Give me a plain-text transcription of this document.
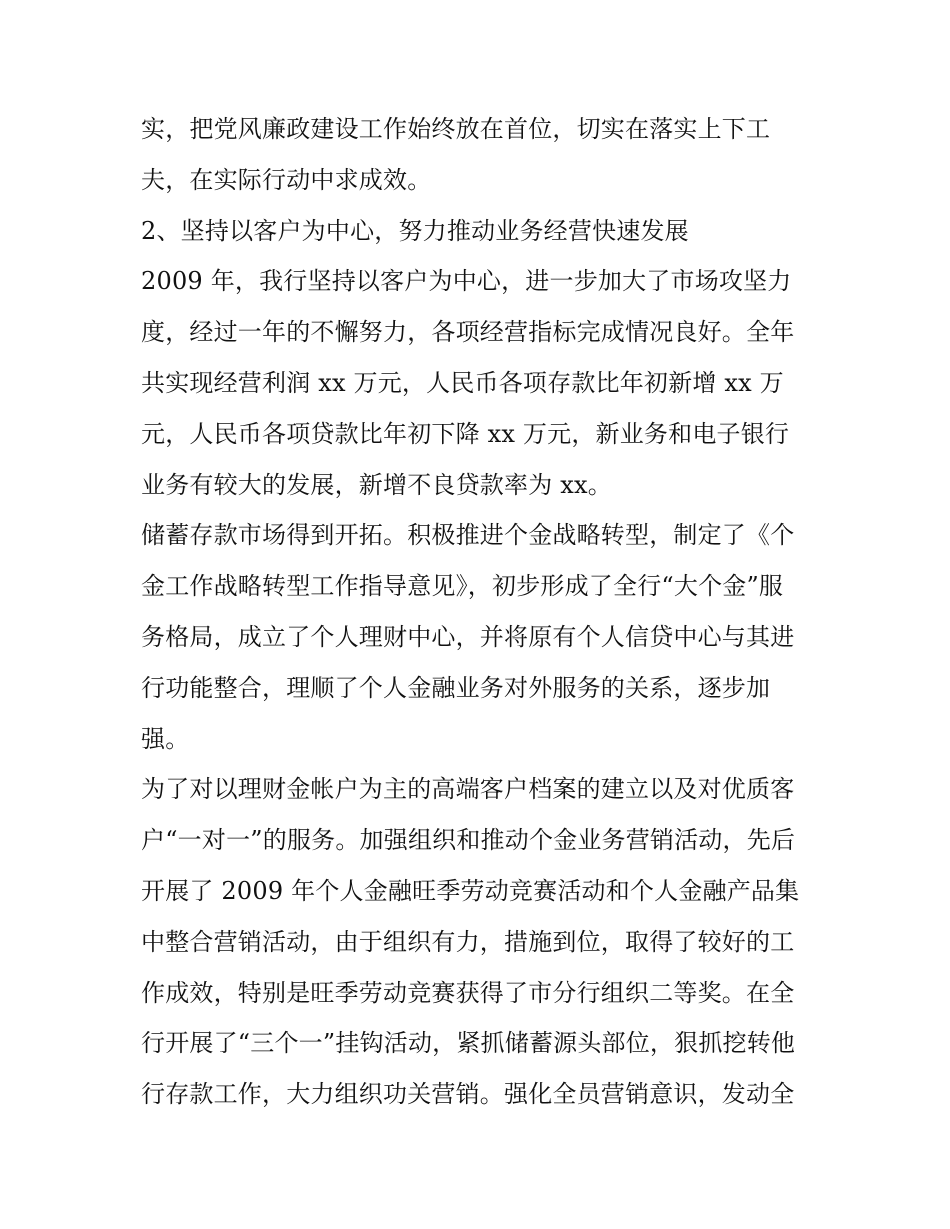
实，把党风廉政建设工作始终放在首位，切实在落实上下工
夫，在实际行动中求成效。
2、坚持以客户为中心，努力推动业务经营快速发展
2009 年，我行坚持以客户为中心，进一步加大了市场攻坚力
度，经过一年的不懈努力，各项经营指标完成情况良好。全年
共实现经营利润 xx 万元，人民币各项存款比年初新增 xx 万
元，人民币各项贷款比年初下降 xx 万元，新业务和电子银行
业务有较大的发展，新增不良贷款率为 xx。
储蓄存款市场得到开拓。积极推进个金战略转型，制定了《个
金工作战略转型工作指导意见》，初步形成了全行“大个金”服
务格局，成立了个人理财中心，并将原有个人信贷中心与其进
行功能整合，理顺了个人金融业务对外服务的关系，逐步加
强。
为了对以理财金帐户为主的高端客户档案的建立以及对优质客
户“一对一”的服务。加强组织和推动个金业务营销活动，先后
开展了 2009 年个人金融旺季劳动竞赛活动和个人金融产品集
中整合营销活动，由于组织有力，措施到位，取得了较好的工
作成效，特别是旺季劳动竞赛获得了市分行组织二等奖。在全
行开展了“三个一”挂钩活动，紧抓储蓄源头部位，狠抓挖转他
行存款工作，大力组织功关营销。强化全员营销意识，发动全
